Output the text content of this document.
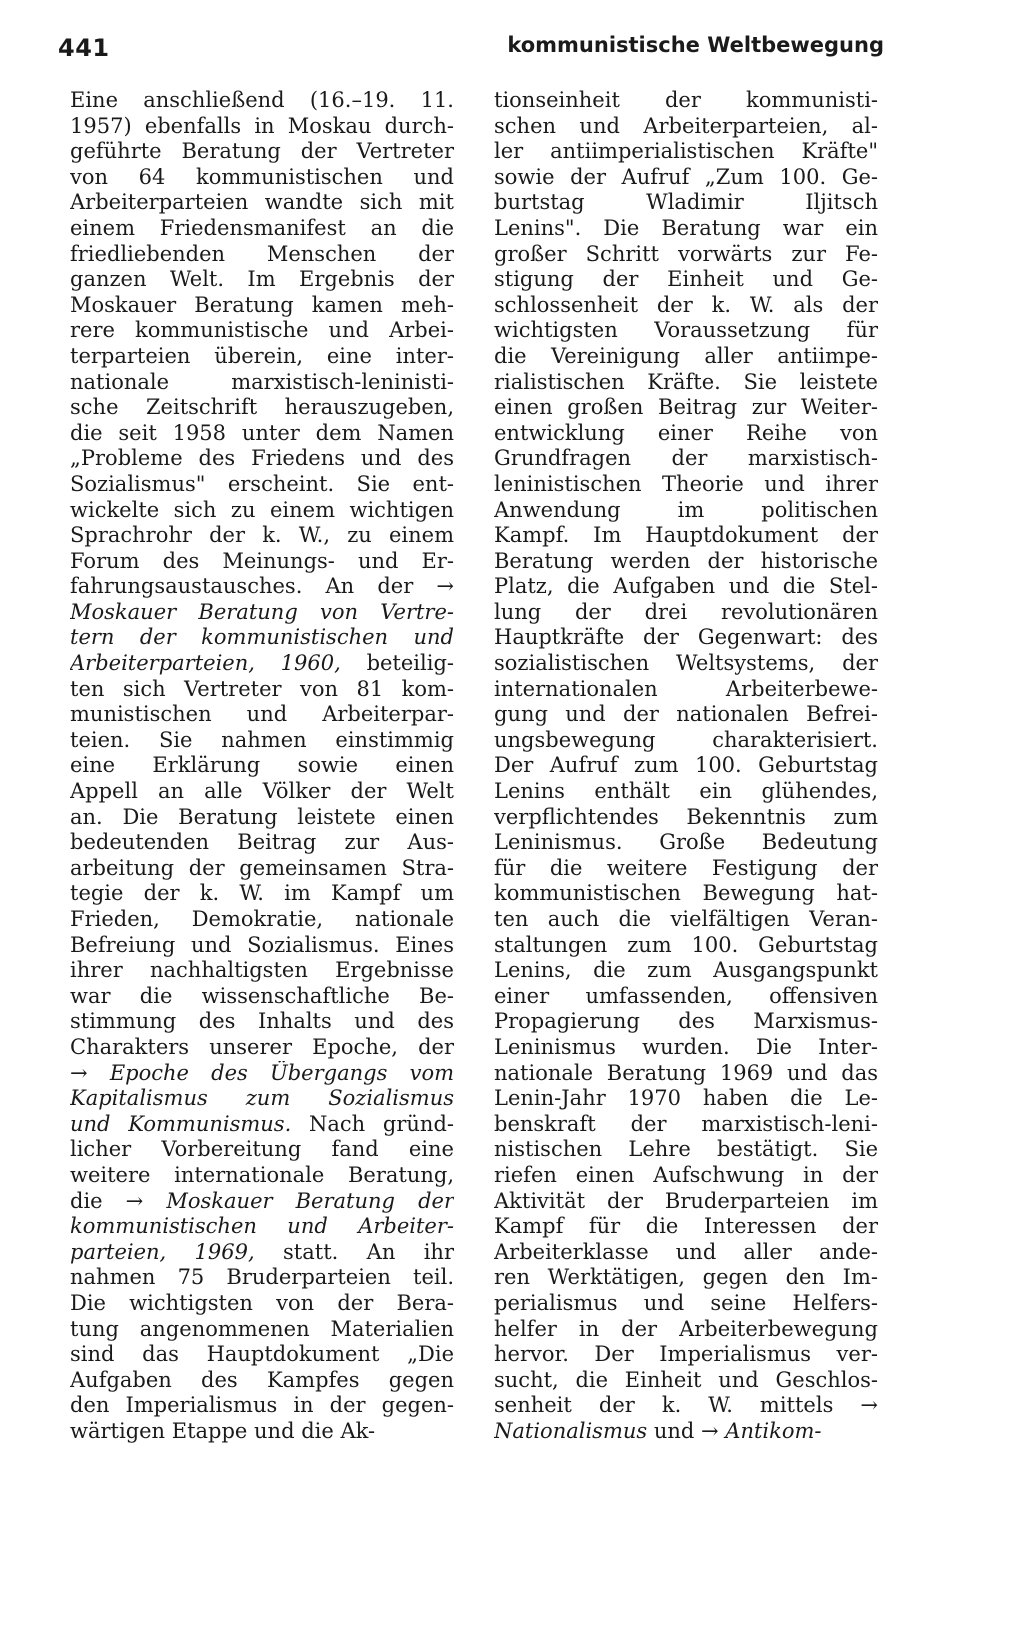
441	kommunistische Weltbewegung
Eine anschließend (16.–19. 11.
1957) ebenfalls in Moskau durch-
geführte Beratung der Vertreter
von 64 kommunistischen und
Arbeiterparteien wandte sich mit
einem Friedensmanifest an die
friedliebenden Menschen der
ganzen Welt. Im Ergebnis der
Moskauer Beratung kamen meh-
rere kommunistische und Arbei-
terparteien überein, eine inter-
nationale marxistisch-leninisti-
sche Zeitschrift herauszugeben,
die seit 1958 unter dem Namen
„Probleme des Friedens und des
Sozialismus" erscheint. Sie ent-
wickelte sich zu einem wichtigen
Sprachrohr der k. W., zu einem
Forum des Meinungs- und Er-
fahrungsaustausches. An der →
Moskauer Beratung von Vertre-
tern der kommunistischen und
Arbeiterparteien, 1960, beteilig-
ten sich Vertreter von 81 kom-
munistischen und Arbeiterpar-
teien. Sie nahmen einstimmig
eine Erklärung sowie einen
Appell an alle Völker der Welt
an. Die Beratung leistete einen
bedeutenden Beitrag zur Aus-
arbeitung der gemeinsamen Stra-
tegie der k. W. im Kampf um
Frieden, Demokratie, nationale
Befreiung und Sozialismus. Eines
ihrer nachhaltigsten Ergebnisse
war die wissenschaftliche Be-
stimmung des Inhalts und des
Charakters unserer Epoche, der
→ Epoche des Übergangs vom
Kapitalismus zum Sozialismus
und Kommunismus. Nach gründ-
licher Vorbereitung fand eine
weitere internationale Beratung,
die → Moskauer Beratung der
kommunistischen und Arbeiter-
parteien, 1969, statt. An ihr
nahmen 75 Bruderparteien teil.
Die wichtigsten von der Bera-
tung angenommenen Materialien
sind das Hauptdokument „Die
Aufgaben des Kampfes gegen
den Imperialismus in der gegen-
wärtigen Etappe und die Ak-
tionseinheit der kommunisti-
schen und Arbeiterparteien, al-
ler antiimperialistischen Kräfte"
sowie der Aufruf „Zum 100. Ge-
burtstag Wladimir Iljitsch
Lenins". Die Beratung war ein
großer Schritt vorwärts zur Fe-
stigung der Einheit und Ge-
schlossenheit der k. W. als der
wichtigsten Voraussetzung für
die Vereinigung aller antiimpe-
rialistischen Kräfte. Sie leistete
einen großen Beitrag zur Weiter-
entwicklung einer Reihe von
Grundfragen der marxistisch-
leninistischen Theorie und ihrer
Anwendung im politischen
Kampf. Im Hauptdokument der
Beratung werden der historische
Platz, die Aufgaben und die Stel-
lung der drei revolutionären
Hauptkräfte der Gegenwart: des
sozialistischen Weltsystems, der
internationalen Arbeiterbewe-
gung und der nationalen Befrei-
ungsbewegung charakterisiert.
Der Aufruf zum 100. Geburtstag
Lenins enthält ein glühendes,
verpflichtendes Bekenntnis zum
Leninismus. Große Bedeutung
für die weitere Festigung der
kommunistischen Bewegung hat-
ten auch die vielfältigen Veran-
staltungen zum 100. Geburtstag
Lenins, die zum Ausgangspunkt
einer umfassenden, offensiven
Propagierung des Marxismus-
Leninismus wurden. Die Inter-
nationale Beratung 1969 und das
Lenin-Jahr 1970 haben die Le-
benskraft der marxistisch-leni-
nistischen Lehre bestätigt. Sie
riefen einen Aufschwung in der
Aktivität der Bruderparteien im
Kampf für die Interessen der
Arbeiterklasse und aller ande-
ren Werktätigen, gegen den Im-
perialismus und seine Helfers-
helfer in der Arbeiterbewegung
hervor. Der Imperialismus ver-
sucht, die Einheit und Geschlos-
senheit der k. W. mittels →
Nationalismus und → Antikom-
